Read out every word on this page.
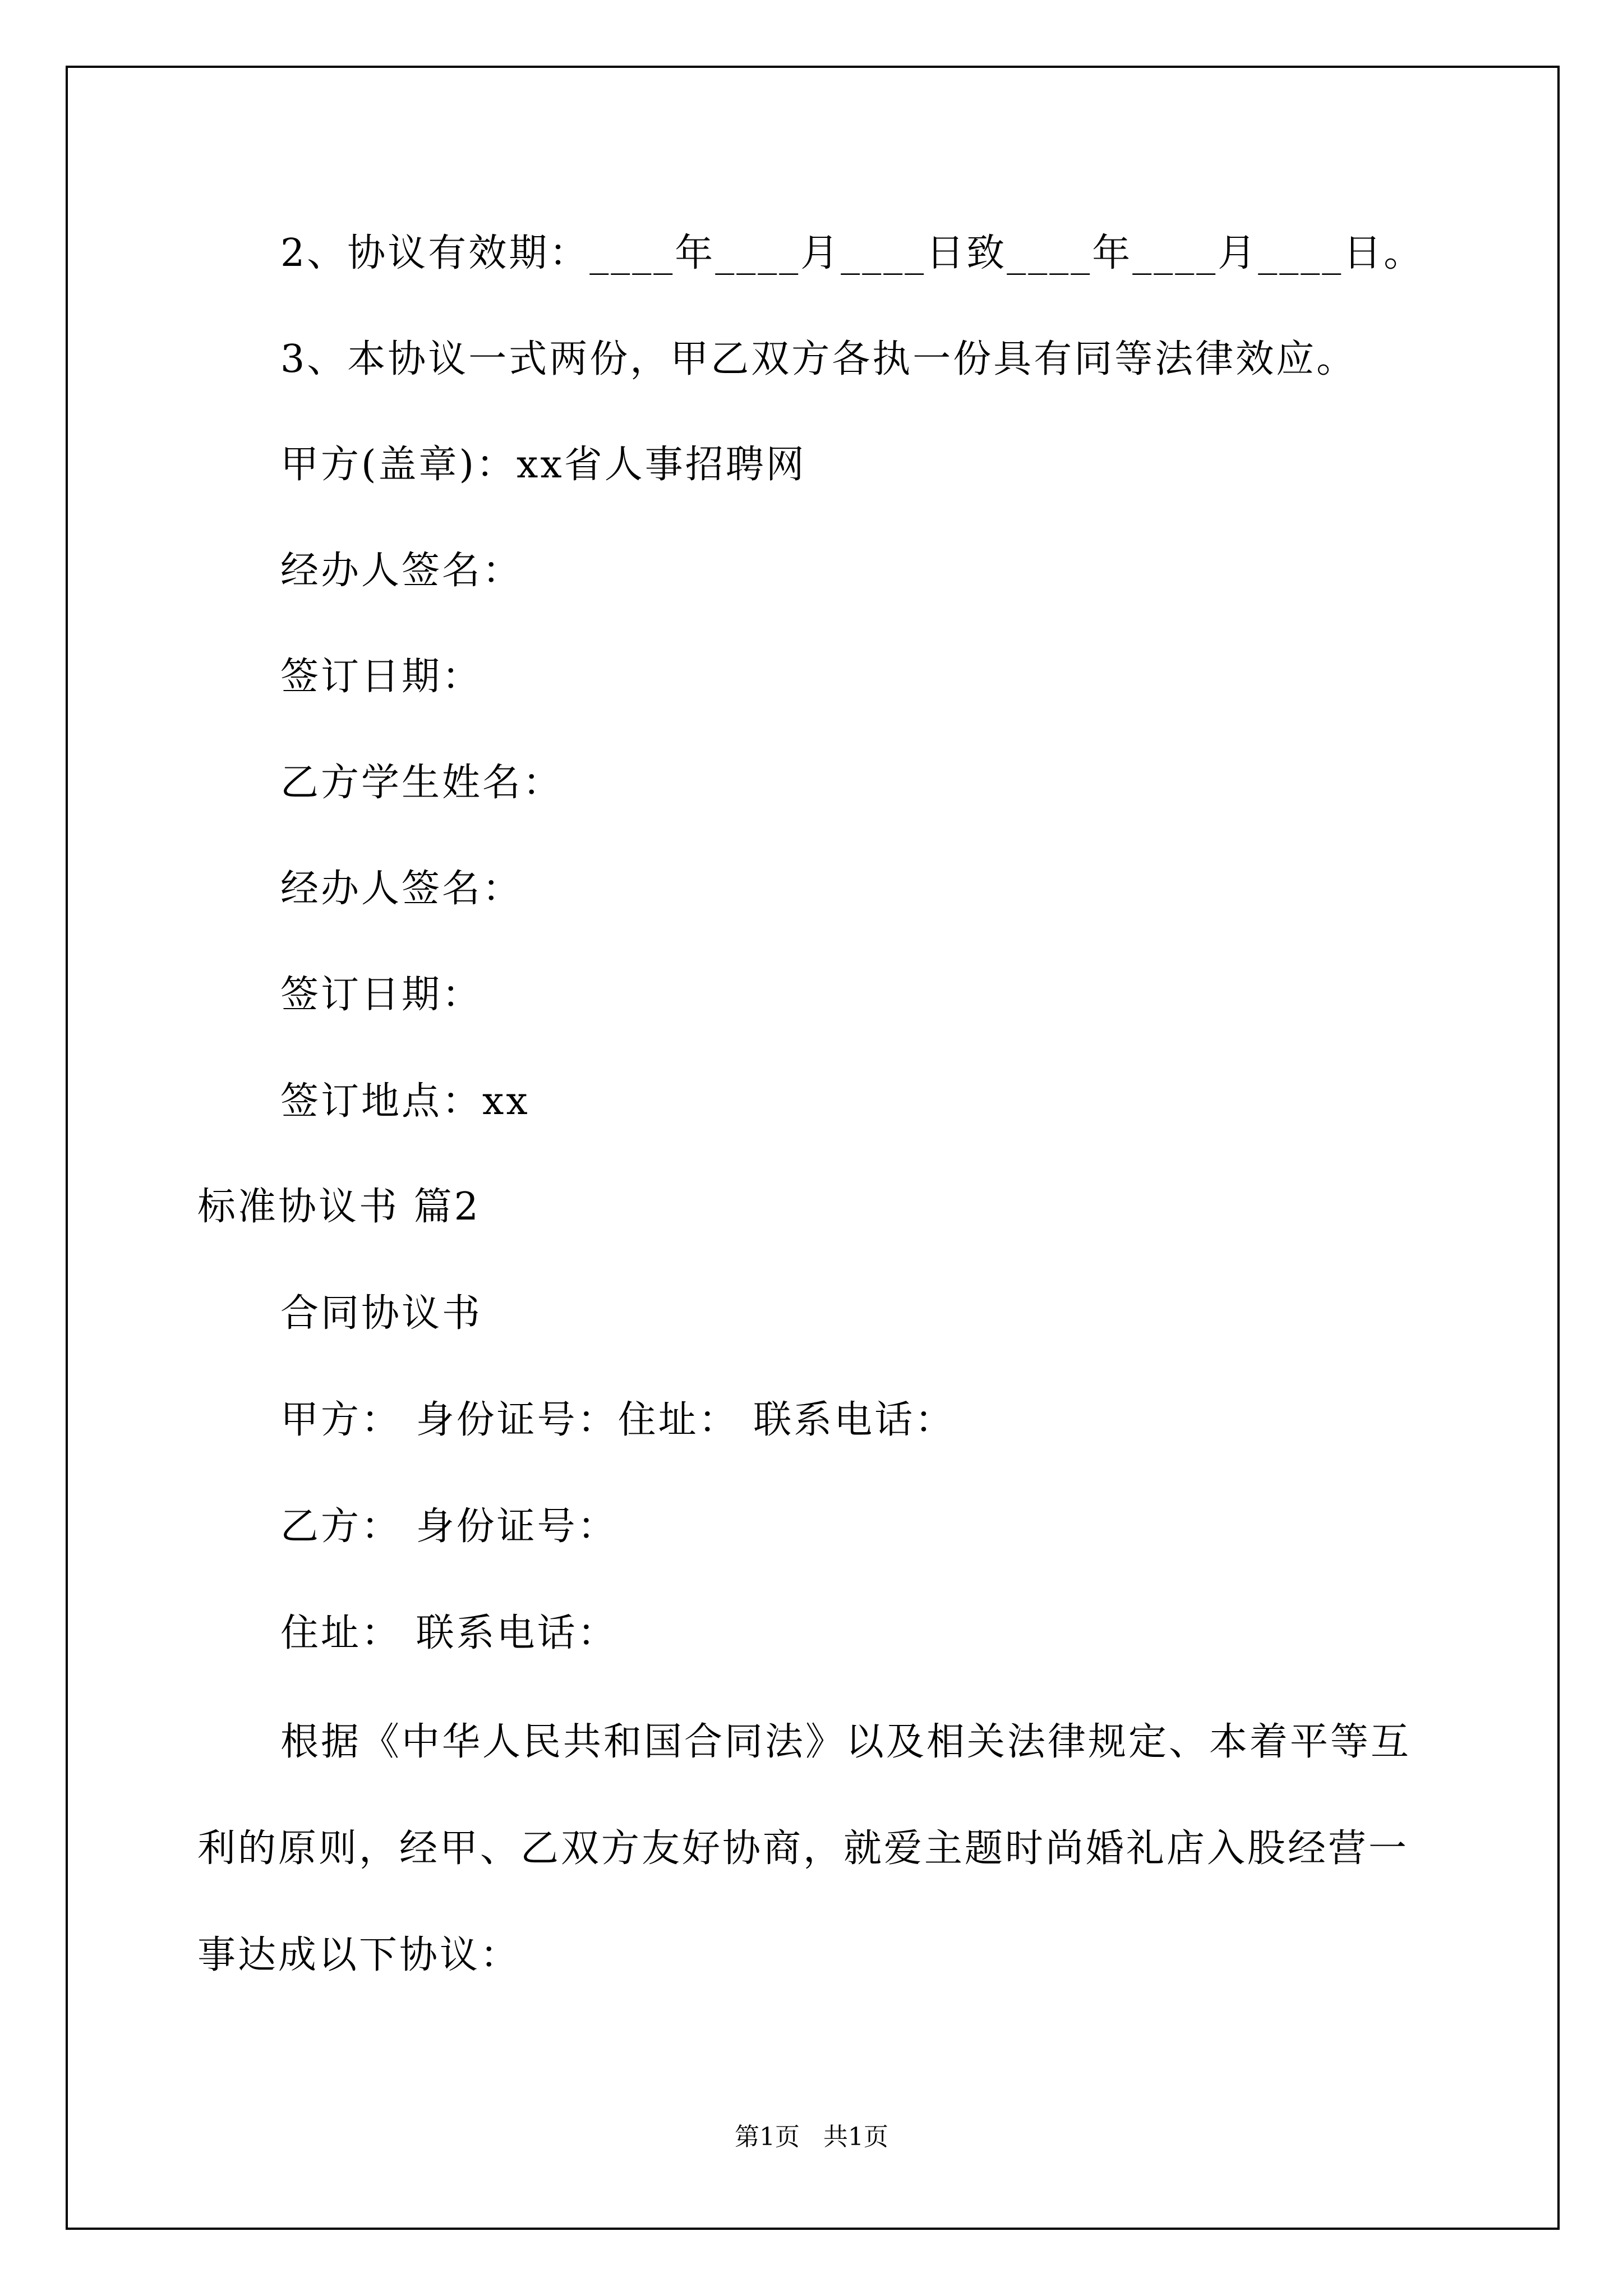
2、协议有效期：____年____月____日致____年____月____日。
3、本协议一式两份，甲乙双方各执一份具有同等法律效应。
甲方(盖章)：xx省人事招聘网
经办人签名：
签订日期：
乙方学生姓名：
经办人签名：
签订日期：
签订地点：xx
标准协议书 篇2
合同协议书
甲方： 身份证号：住址： 联系电话：
乙方： 身份证号：
住址： 联系电话：
根据《中华人民共和国合同法》以及相关法律规定、本着平等互
利的原则，经甲、乙双方友好协商，就爱主题时尚婚礼店入股经营一
事达成以下协议：
第1页   共1页
